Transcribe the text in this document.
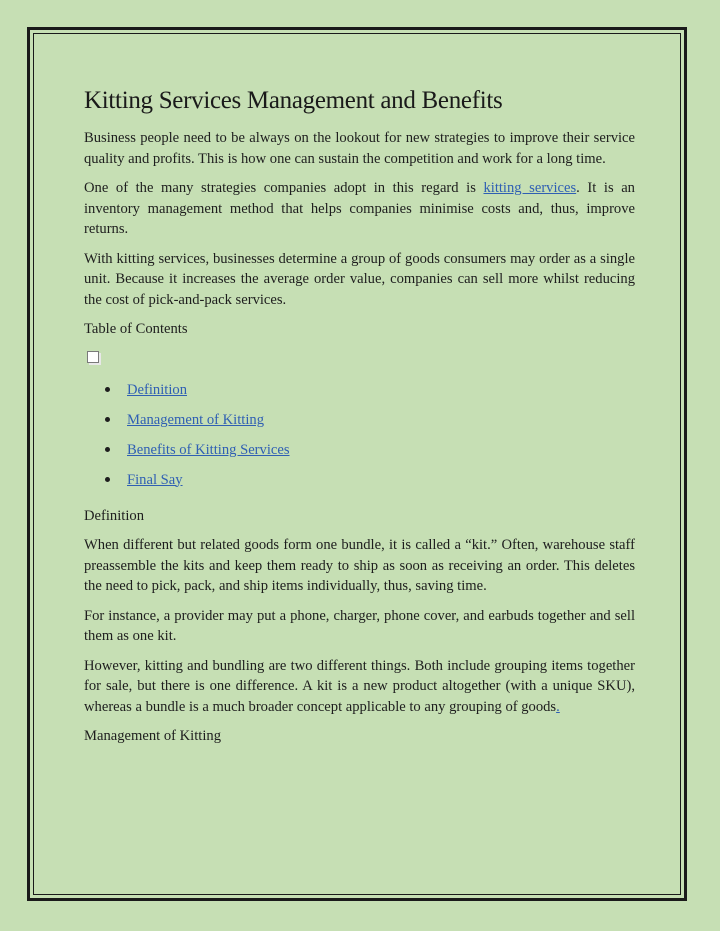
Kitting Services Management and Benefits

Business people need to be always on the lookout for new strategies to improve their service quality and profits. This is how one can sustain the competition and work for a long time.

One of the many strategies companies adopt in this regard is kitting services. It is an inventory management method that helps companies minimise costs and, thus, improve returns.

With kitting services, businesses determine a group of goods consumers may order as a single unit. Because it increases the average order value, companies can sell more whilst reducing the cost of pick-and-pack services.

Table of Contents

Definition
Management of Kitting
Benefits of Kitting Services
Final Say

Definition

When different but related goods form one bundle, it is called a “kit.” Often, warehouse staff preassemble the kits and keep them ready to ship as soon as receiving an order. This deletes the need to pick, pack, and ship items individually, thus, saving time.

For instance, a provider may put a phone, charger, phone cover, and earbuds together and sell them as one kit.

However, kitting and bundling are two different things. Both include grouping items together for sale, but there is one difference. A kit is a new product altogether (with a unique SKU), whereas a bundle is a much broader concept applicable to any grouping of goods.

Management of Kitting
